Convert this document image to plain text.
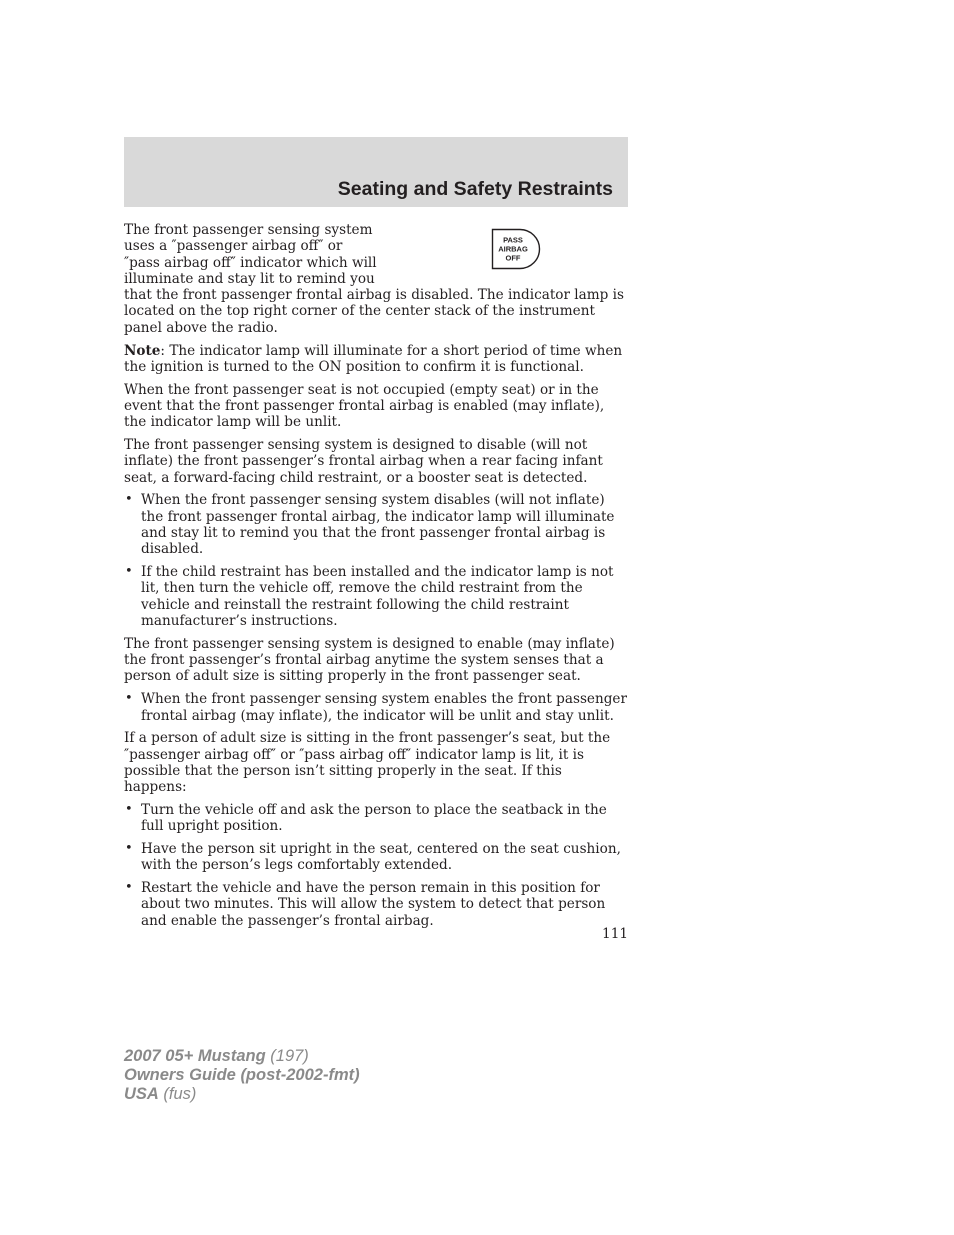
Seating and Safety Restraints
The front passenger sensing system
uses a ″passenger airbag off″ or
″pass airbag off″ indicator which will
illuminate and stay lit to remind you

that the front passenger frontal airbag is disabled. The indicator lamp is located on the top right corner of the center stack of the instrument panel above the radio.

PASS
AIRBAG
OFF

Note: The indicator lamp will illuminate for a short period of time when the ignition is turned to the ON position to confirm it is functional.

When the front passenger seat is not occupied (empty seat) or in the event that the front passenger frontal airbag is enabled (may inflate), the indicator lamp will be unlit.

The front passenger sensing system is designed to disable (will not inflate) the front passenger’s frontal airbag when a rear facing infant seat, a forward-facing child restraint, or a booster seat is detected.

• When the front passenger sensing system disables (will not inflate) the front passenger frontal airbag, the indicator lamp will illuminate and stay lit to remind you that the front passenger frontal airbag is disabled.
• If the child restraint has been installed and the indicator lamp is not lit, then turn the vehicle off, remove the child restraint from the vehicle and reinstall the restraint following the child restraint manufacturer’s instructions.

The front passenger sensing system is designed to enable (may inflate) the front passenger’s frontal airbag anytime the system senses that a person of adult size is sitting properly in the front passenger seat.

• When the front passenger sensing system enables the front passenger frontal airbag (may inflate), the indicator will be unlit and stay unlit.

If a person of adult size is sitting in the front passenger’s seat, but the ″passenger airbag off″ or ″pass airbag off″ indicator lamp is lit, it is possible that the person isn’t sitting properly in the seat. If this happens:

• Turn the vehicle off and ask the person to place the seatback in the full upright position.
• Have the person sit upright in the seat, centered on the seat cushion, with the person’s legs comfortably extended.
• Restart the vehicle and have the person remain in this position for about two minutes. This will allow the system to detect that person and enable the passenger’s frontal airbag.
111
2007 05+ Mustang (197)
Owners Guide (post-2002-fmt)
USA (fus)
